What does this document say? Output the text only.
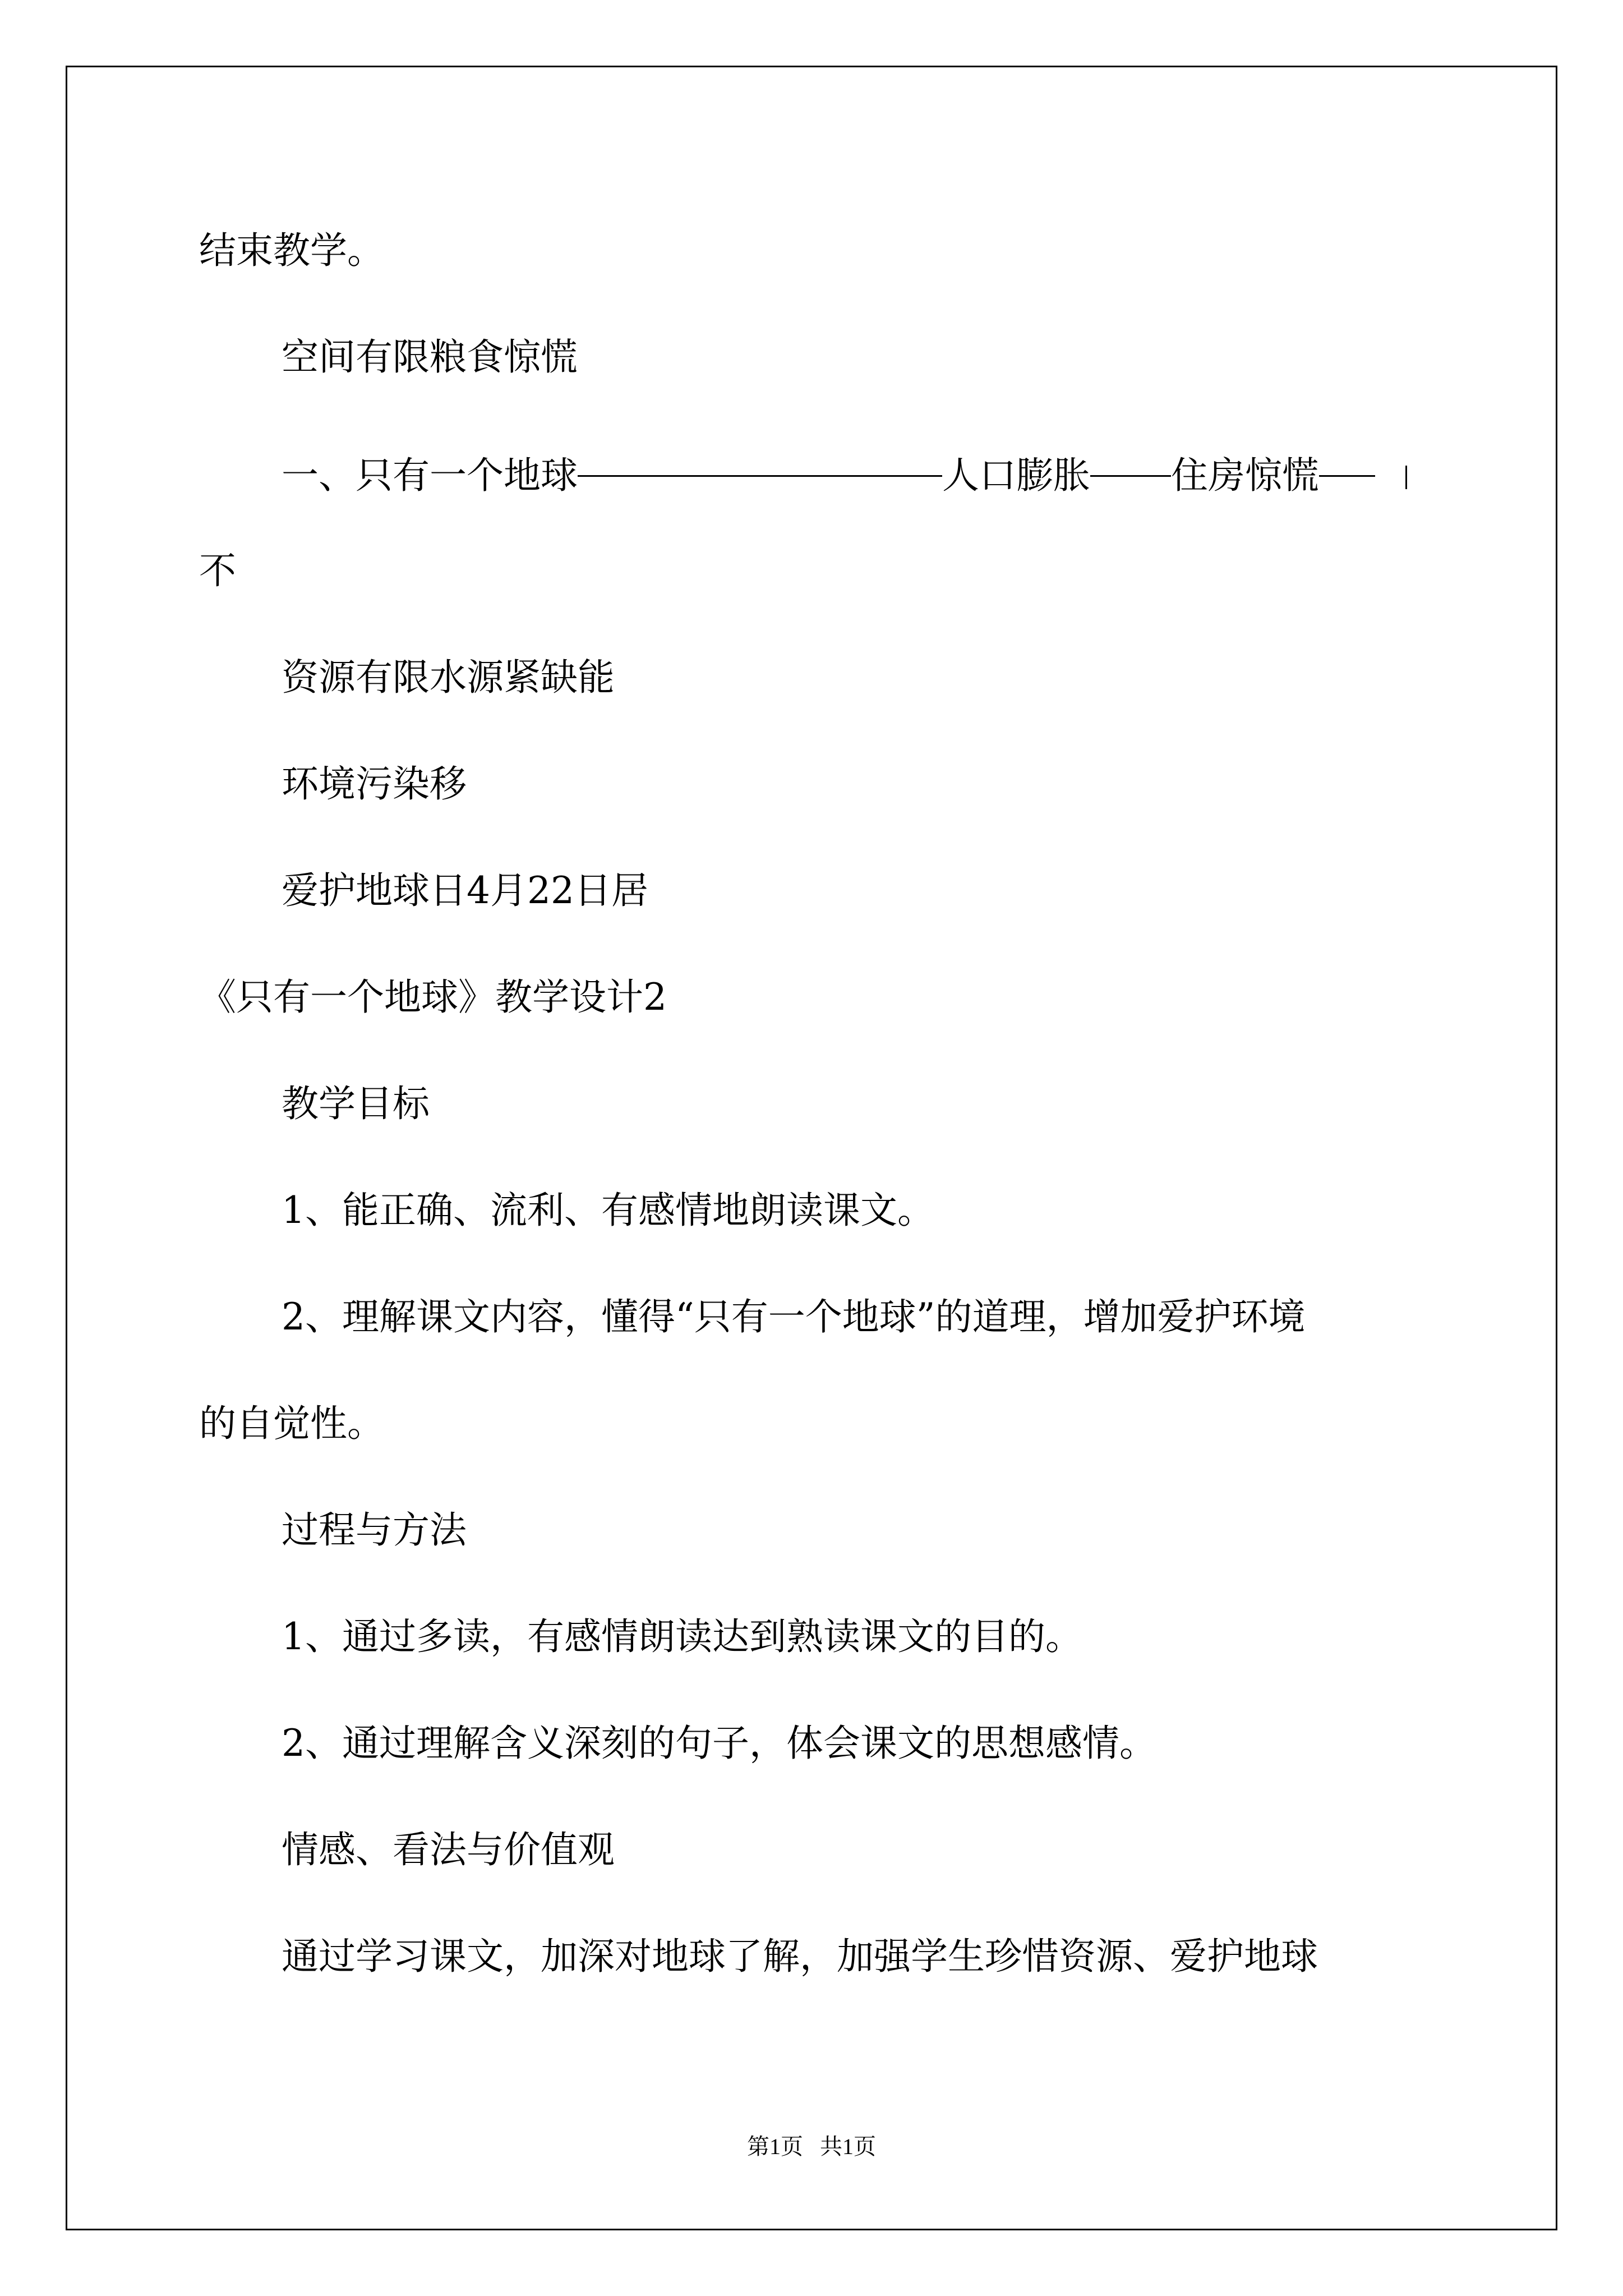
结束教学。
空间有限粮食惊慌
一、只有一个地球	人口膨胀 住房惊慌
不
资源有限水源紧缺能
环境污染移
爱护地球日4月22日居
《只有一个地球》教学设计2
教学目标
1、能正确、流利、有感情地朗读课文。
2、理解课文内容，懂得“只有一个地球”的道理，增加爱护环境
的自觉性。
过程与方法
1、通过多读，有感情朗读达到熟读课文的目的。
2、通过理解含义深刻的句子，体会课文的思想感情。
情感、看法与价值观
通过学习课文，加深对地球了解，加强学生珍惜资源、爱护地球
第1页   共1页
